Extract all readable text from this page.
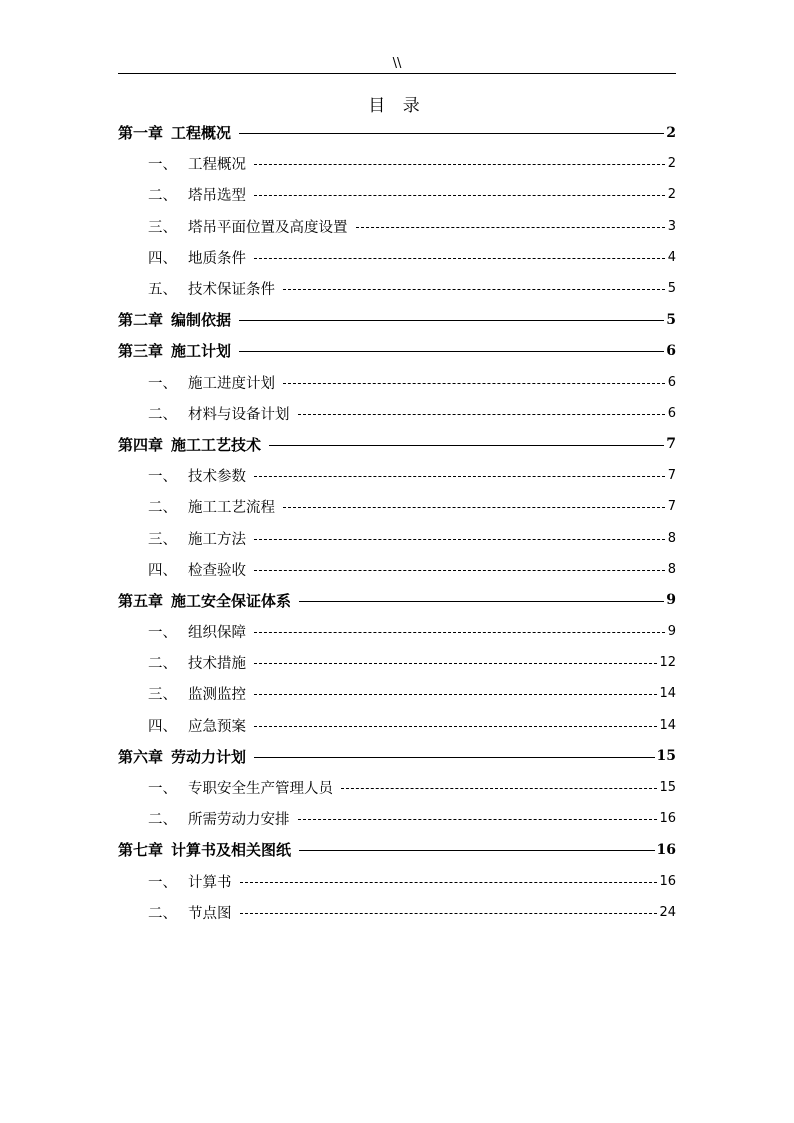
\\
目 录
第一章 工程概况	2
一、 工程概况	2
二、 塔吊选型	2
三、 塔吊平面位置及高度设置	3
四、 地质条件	4
五、 技术保证条件	5
第二章 编制依据	5
第三章 施工计划	6
一、 施工进度计划	6
二、 材料与设备计划	6
第四章 施工工艺技术	7
一、 技术参数	7
二、 施工工艺流程	7
三、 施工方法	8
四、 检查验收	8
第五章 施工安全保证体系	9
一、 组织保障	9
二、 技术措施	12
三、 监测监控	14
四、 应急预案	14
第六章 劳动力计划	15
一、 专职安全生产管理人员	15
二、 所需劳动力安排	16
第七章 计算书及相关图纸	16
一、 计算书	16
二、 节点图	24
